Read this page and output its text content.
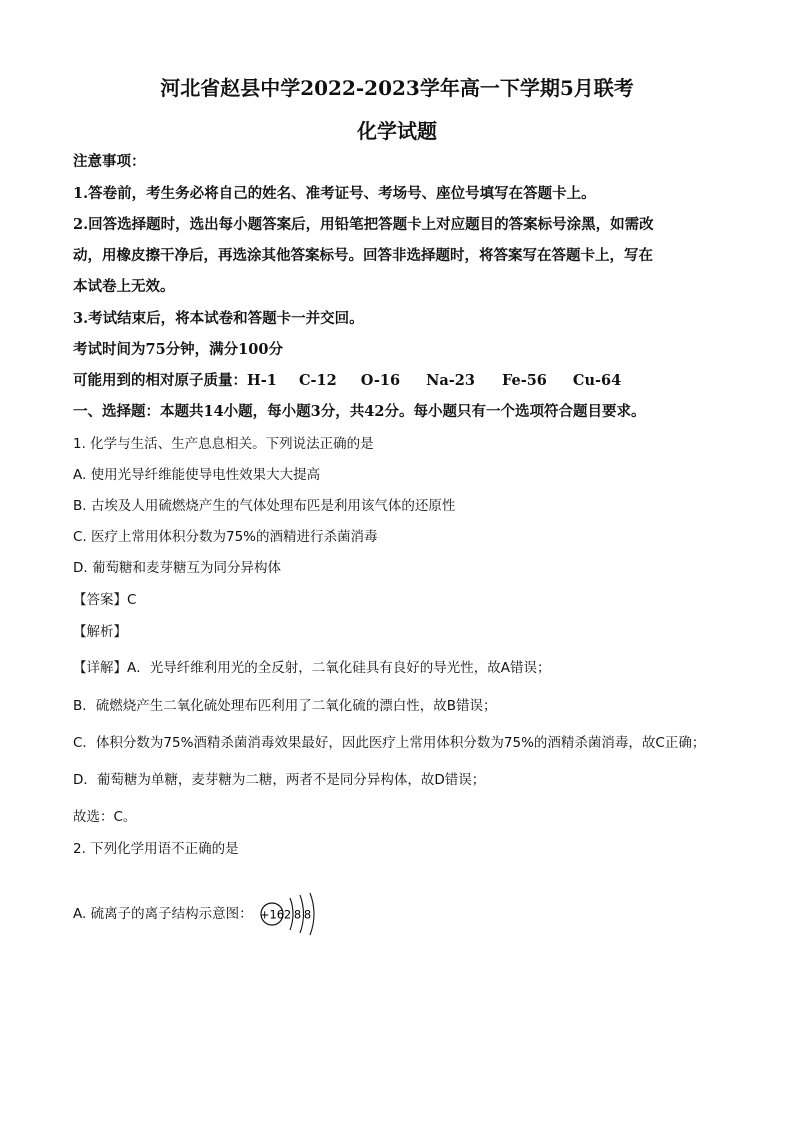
河北省赵县中学2022-2023学年高一下学期5月联考
化学试题
注意事项：
1.答卷前，考生务必将自己的姓名、准考证号、考场号、座位号填写在答题卡上。
2.回答选择题时，选出每小题答案后，用铅笔把答题卡上对应题目的答案标号涂黑，如需改
动，用橡皮擦干净后，再选涂其他答案标号。回答非选择题时，将答案写在答题卡上，写在
本试卷上无效。
3.考试结束后，将本试卷和答题卡一并交回。
考试时间为75分钟，满分100分
可能用到的相对原子质量：H-1 C-12 O-16 Na-23 Fe-56 Cu-64
一、选择题：本题共14小题，每小题3分，共42分。每小题只有一个选项符合题目要求。
1. 化学与生活、生产息息相关。下列说法正确的是
A. 使用光导纤维能使导电性效果大大提高
B. 古埃及人用硫燃烧产生的气体处理布匹是利用该气体的还原性
C. 医疗上常用体积分数为75%的酒精进行杀菌消毒
D. 葡萄糖和麦芽糖互为同分异构体
【答案】C
【解析】
【详解】A．光导纤维利用光的全反射，二氧化硅具有良好的导光性，故A错误；
B．硫燃烧产生二氧化硫处理布匹利用了二氧化硫的漂白性，故B错误；
C．体积分数为75%酒精杀菌消毒效果最好，因此医疗上常用体积分数为75%的酒精杀菌消毒，故C正确；
D．葡萄糖为单糖，麦芽糖为二糖，两者不是同分异构体，故D错误；
故选：C。
2. 下列化学用语不正确的是
A. 硫离子的离子结构示意图： +16 2 8 8
